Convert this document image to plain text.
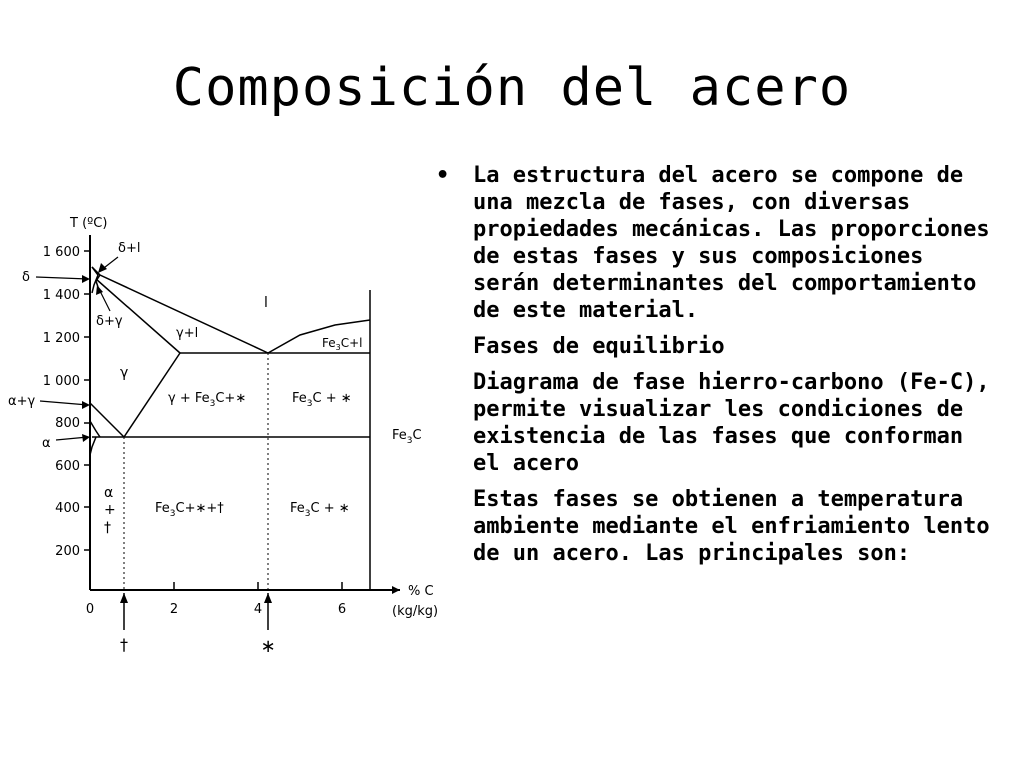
Composición del acero
1 600
1 400
1 200
1 000
800
600
400
200
T (ºC)
0	2	4	6
% C
(kg/kg)
†	∗
δ+l
δ
δ+γ
α+γ
α
$Fe_3C$
l
γ+l
$Fe_3C+l$
γ
$\gamma + Fe_3C+∗$	$Fe_3C$ + ∗
α
+
†
$Fe_3C+∗+\dagger$	$Fe_3C$ + ∗
• La estructura del acero se compone de una mezcla de fases, con diversas propiedades mecánicas. Las proporciones de estas fases y sus composiciones serán determinantes del comportamiento de este material.
Fases de equilibrio
Diagrama de fase hierro-carbono (Fe-C), permite visualizar les condiciones de existencia de las fases que conforman el acero
Estas fases se obtienen a temperatura ambiente mediante el enfriamiento lento de un acero. Las principales son:
